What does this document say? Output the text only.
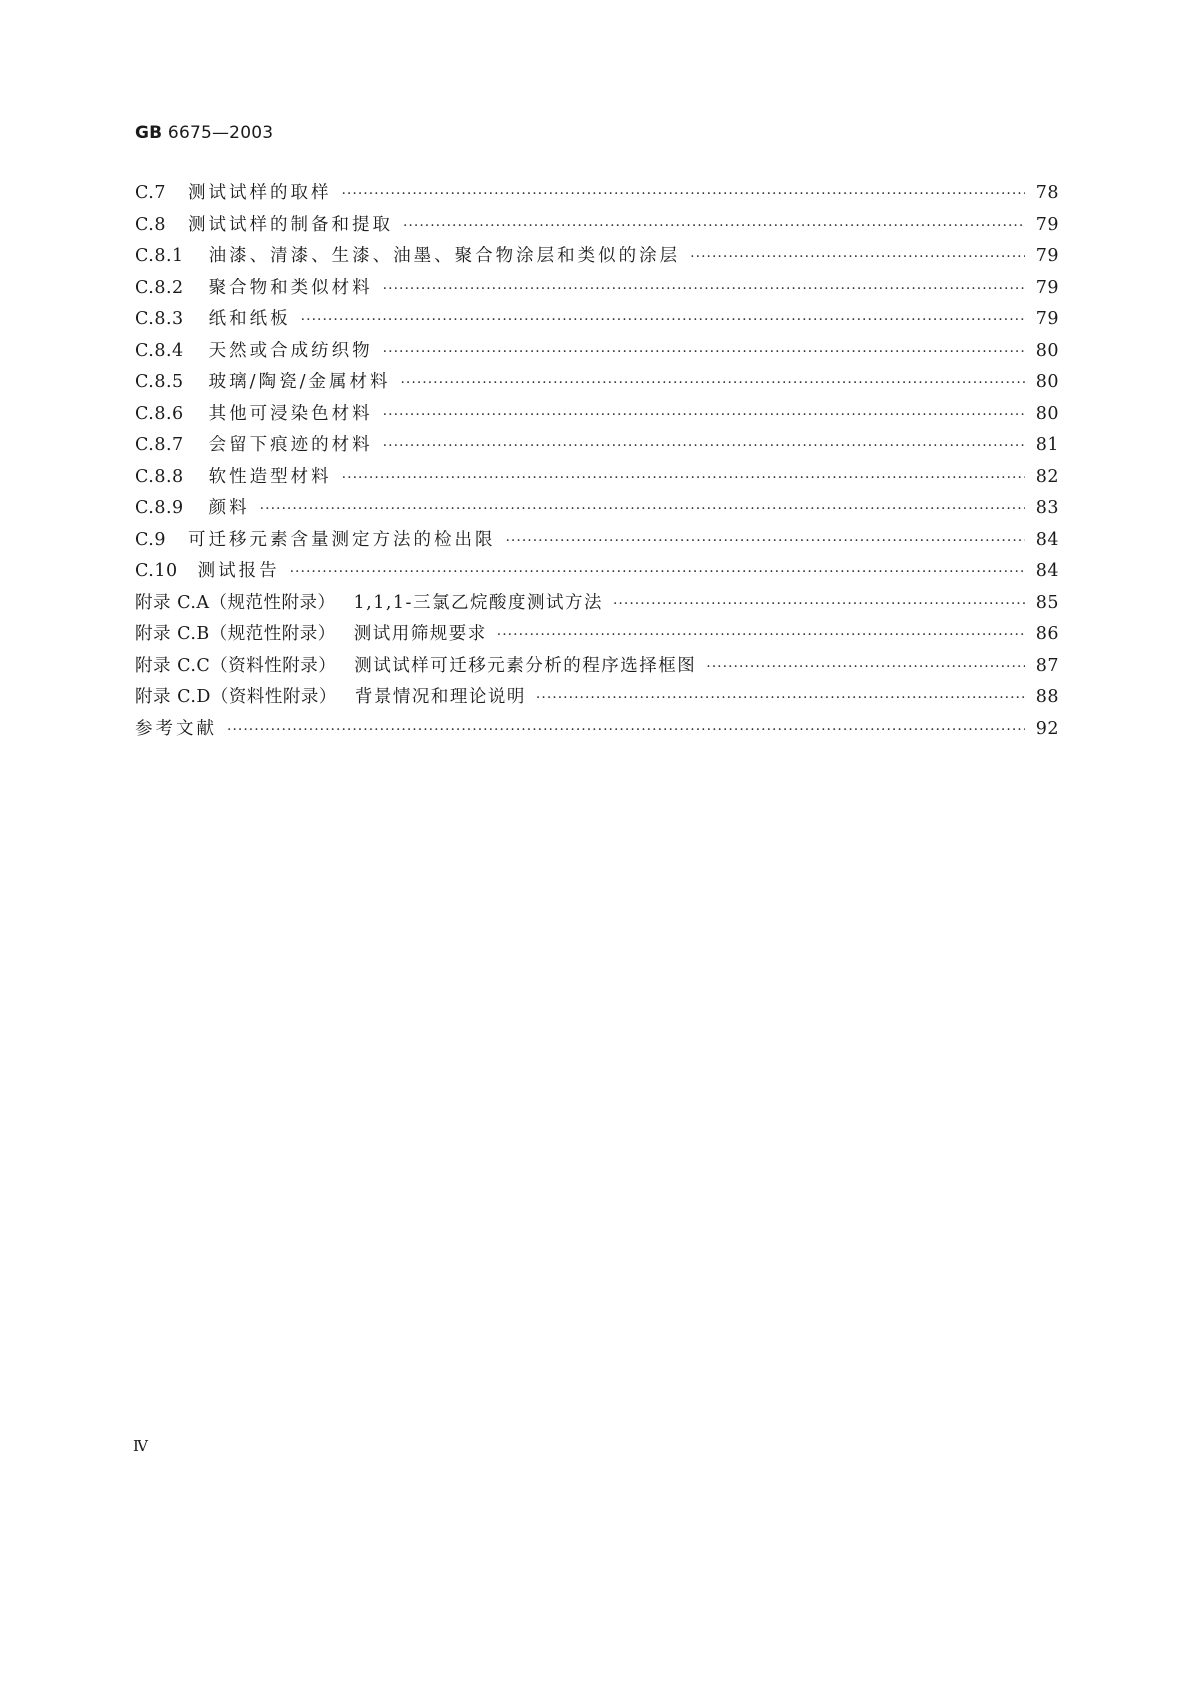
GB 6675—2003
C.7 测试试样的取样 ·····	78
C.8 测试试样的制备和提取 ·····	79
C.8.1 油漆、清漆、生漆、油墨、聚合物涂层和类似的涂层 ·····	79
C.8.2 聚合物和类似材料 ·····	79
C.8.3 纸和纸板 ·····	79
C.8.4 天然或合成纺织物 ·····	80
C.8.5 玻璃/陶瓷/金属材料 ·····	80
C.8.6 其他可浸染色材料 ·····	80
C.8.7 会留下痕迹的材料 ·····	81
C.8.8 软性造型材料 ·····	82
C.8.9 颜料 ·····	83
C.9 可迁移元素含量测定方法的检出限 ·····	84
C.10 测试报告 ·····	84
附录 C.A（规范性附录） 1,1,1-三氯乙烷酸度测试方法 ·····	85
附录 C.B（规范性附录） 测试用筛规要求 ·····	86
附录 C.C（资料性附录） 测试试样可迁移元素分析的程序选择框图 ·····	87
附录 C.D（资料性附录） 背景情况和理论说明 ·····	88
参考文献 ·····	92
Ⅳ
